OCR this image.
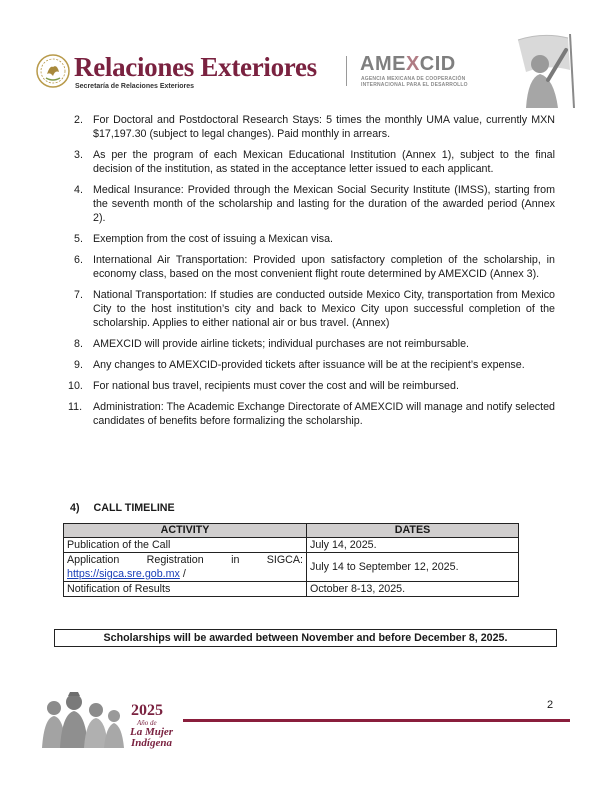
Relaciones Exteriores
Secretaría de Relaciones Exteriores
AMEXCID
AGENCIA MEXICANA DE COOPERACIÓN INTERNACIONAL PARA EL DESARROLLO
2. For Doctoral and Postdoctoral Research Stays: 5 times the monthly UMA value, currently MXN $17,197.30 (subject to legal changes). Paid monthly in arrears.
3. As per the program of each Mexican Educational Institution (Annex 1), subject to the final decision of the institution, as stated in the acceptance letter issued to each applicant.
4. Medical Insurance: Provided through the Mexican Social Security Institute (IMSS), starting from the seventh month of the scholarship and lasting for the duration of the awarded period (Annex 2).
5. Exemption from the cost of issuing a Mexican visa.
6. International Air Transportation: Provided upon satisfactory completion of the scholarship, in economy class, based on the most convenient flight route determined by AMEXCID (Annex 3).
7. National Transportation: If studies are conducted outside Mexico City, transportation from Mexico City to the host institution’s city and back to Mexico City upon successful completion of the scholarship. Applies to either national air or bus travel. (Annex)
8. AMEXCID will provide airline tickets; individual purchases are not reimbursable.
9. Any changes to AMEXCID-provided tickets after issuance will be at the recipient’s expense.
10. For national bus travel, recipients must cover the cost and will be reimbursed.
11. Administration: The Academic Exchange Directorate of AMEXCID will manage and notify selected candidates of benefits before formalizing the scholarship.
4) CALL TIMELINE
ACTIVITY	DATES
Publication of the Call	July 14, 2025.

Application Registration in SIGCA:
https://sigca.sre.gob.mx /	July 14 to September 12, 2025.
Notification of Results	October 8-13, 2025.
Scholarships will be awarded between November and before December 8, 2025.
2025
Año de
La Mujer
Indígena
2
